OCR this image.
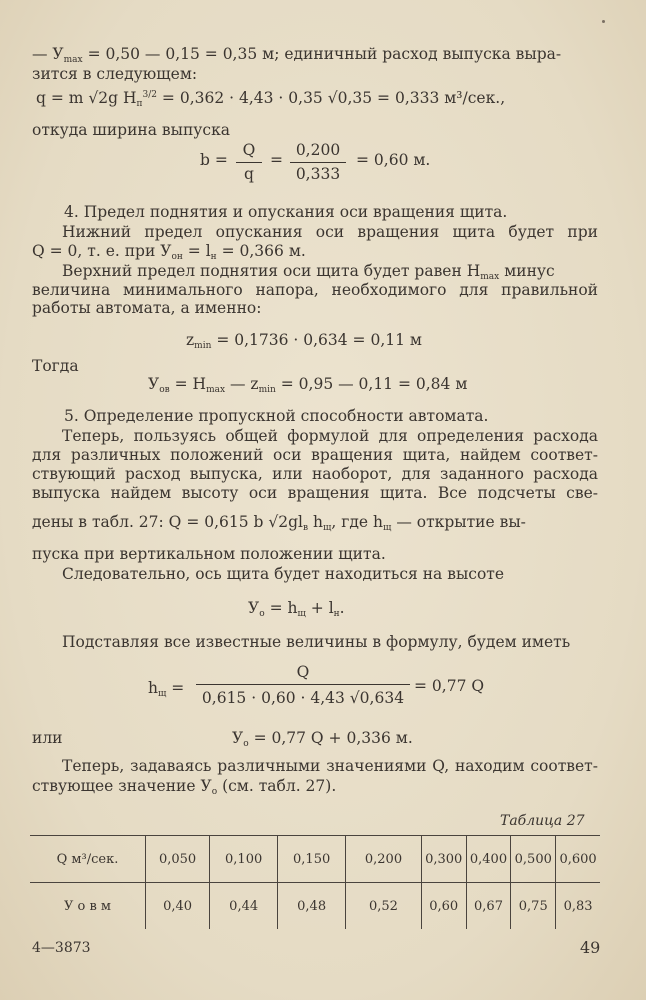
— $У_{max} = 0,50$ — 0,15 = 0,35 м; единичный расход выпуска выра-
зится в следующем:
q = m √2g $H_п^{3/2} = 0,362 \cdot 4,43 \cdot 0,35$ √0,35 = 0,333 м³/сек.,
откуда ширина выпуска
b =
Q
q
=
0,200
0,333
= 0,60 м.
4. Предел поднятия и опускания оси вращения щита.
Нижний предел опускания оси вращения щита будет при
Q = 0, т. е. при $У_{он} = l_н = 0,366$ м.
Верхний предел поднятия оси щита будет равен $H_{max}$ минус
величина минимального напора, необходимого для правильной
работы автомата, а именно:
$z_{min} = 0,1736 \cdot 0,634 = 0,11$ м
Тогда
$У_{ов} = H_{max}$ — $z_{min} = 0,95$ — 0,11 = 0,84 м
5. Определение пропускной способности автомата.
Теперь, пользуясь общей формулой для определения расхода
для различных положений оси вращения щита, найдем соответ-
ствующий расход выпуска, или наоборот, для заданного расхода
выпуска найдем высоту оси вращения щита. Все подсчеты све-
дены в табл. 27: Q = 0,615 b $√2gl_в$ $h_щ$, где $h_щ$ — открытие вы-
пуска при вертикальном положении щита.
Следовательно, ось щита будет находиться на высоте
$У_о = h_щ + l_н$.
Подставляя все известные величины в формулу, будем иметь
$h_щ$ =
Q
0,615 · 0,60 · 4,43 √0,634
= 0,77 Q
или	$У_о = 0,77$ Q + 0,336 м.
Теперь, задаваясь различными значениями Q, находим соответ-
ствующее значение $У_о$ (см. табл. 27).
Таблица 27
Q м³/сек.	0,050	0,100	0,150	0,200	0,300	0,400	0,500	0,600
У о в м	0,40	0,44	0,48	0,52	0,60	0,67	0,75	0,83
4—3873	49
